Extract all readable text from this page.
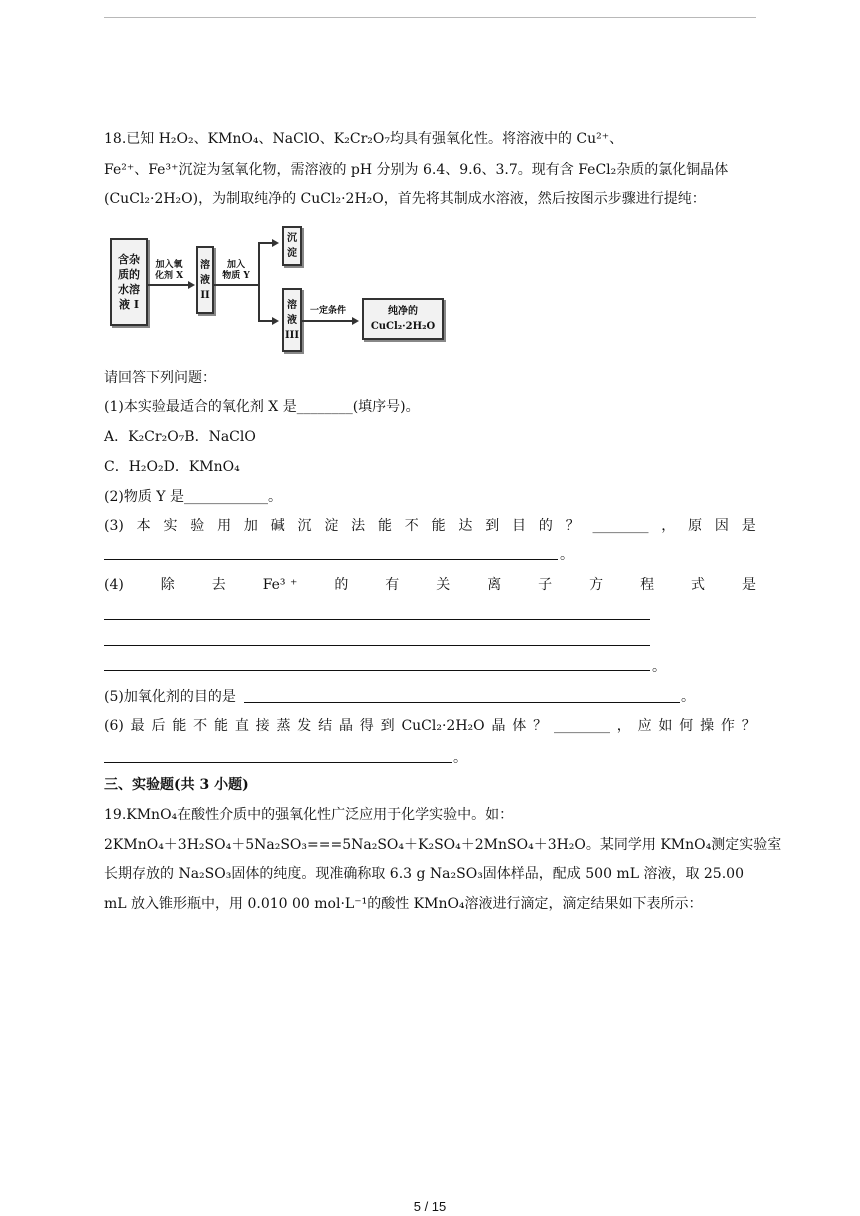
18.已知 H₂O₂、KMnO₄、NaClO、K₂Cr₂O₇均具有强氧化性。将溶液中的 Cu²⁺、
Fe²⁺、Fe³⁺沉淀为氢氧化物，需溶液的 pH 分别为 6.4、9.6、3.7。现有含 FeCl₂杂质的氯化铜晶体
(CuCl₂·2H₂O)，为制取纯净的 CuCl₂·2H₂O，首先将其制成水溶液，然后按图示步骤进行提纯：
含杂
质的
水溶
液 I
加入氧
化剂 X
溶
液
II
加入
物质 Y
沉
淀
溶
液
III
一定条件	纯净的
CuCl₂·2H₂O
请回答下列问题：
(1)本实验最适合的氧化剂 X 是________(填序号)。
A．K₂Cr₂O₇B．NaClO
C．H₂O₂D．KMnO₄
(2)物质 Y 是____________。
(3) 本 实 验 用 加 碱 沉 淀 法 能 不 能 达 到 目 的 ？ ________ ， 原 因 是
。
(4)	除	去	Fe³ ⁺	的	有	关	离	子	方	程	式	是
。
(5)加氧化剂的目的是	。
(6) 最 后 能 不 能 直 接 蒸 发 结 晶 得 到 CuCl₂·2H₂O 晶 体 ？ ________ ， 应 如 何 操 作 ？
。
三、实验题(共 3 小题)
19.KMnO₄在酸性介质中的强氧化性广泛应用于化学实验中。如：
2KMnO₄＋3H₂SO₄＋5Na₂SO₃===5Na₂SO₄＋K₂SO₄＋2MnSO₄＋3H₂O。某同学用 KMnO₄测定实验室
长期存放的 Na₂SO₃固体的纯度。现准确称取 6.3 g Na₂SO₃固体样品，配成 500 mL 溶液，取 25.00
mL 放入锥形瓶中，用 0.010 00 mol·L⁻¹的酸性 KMnO₄溶液进行滴定，滴定结果如下表所示：
5 / 15
